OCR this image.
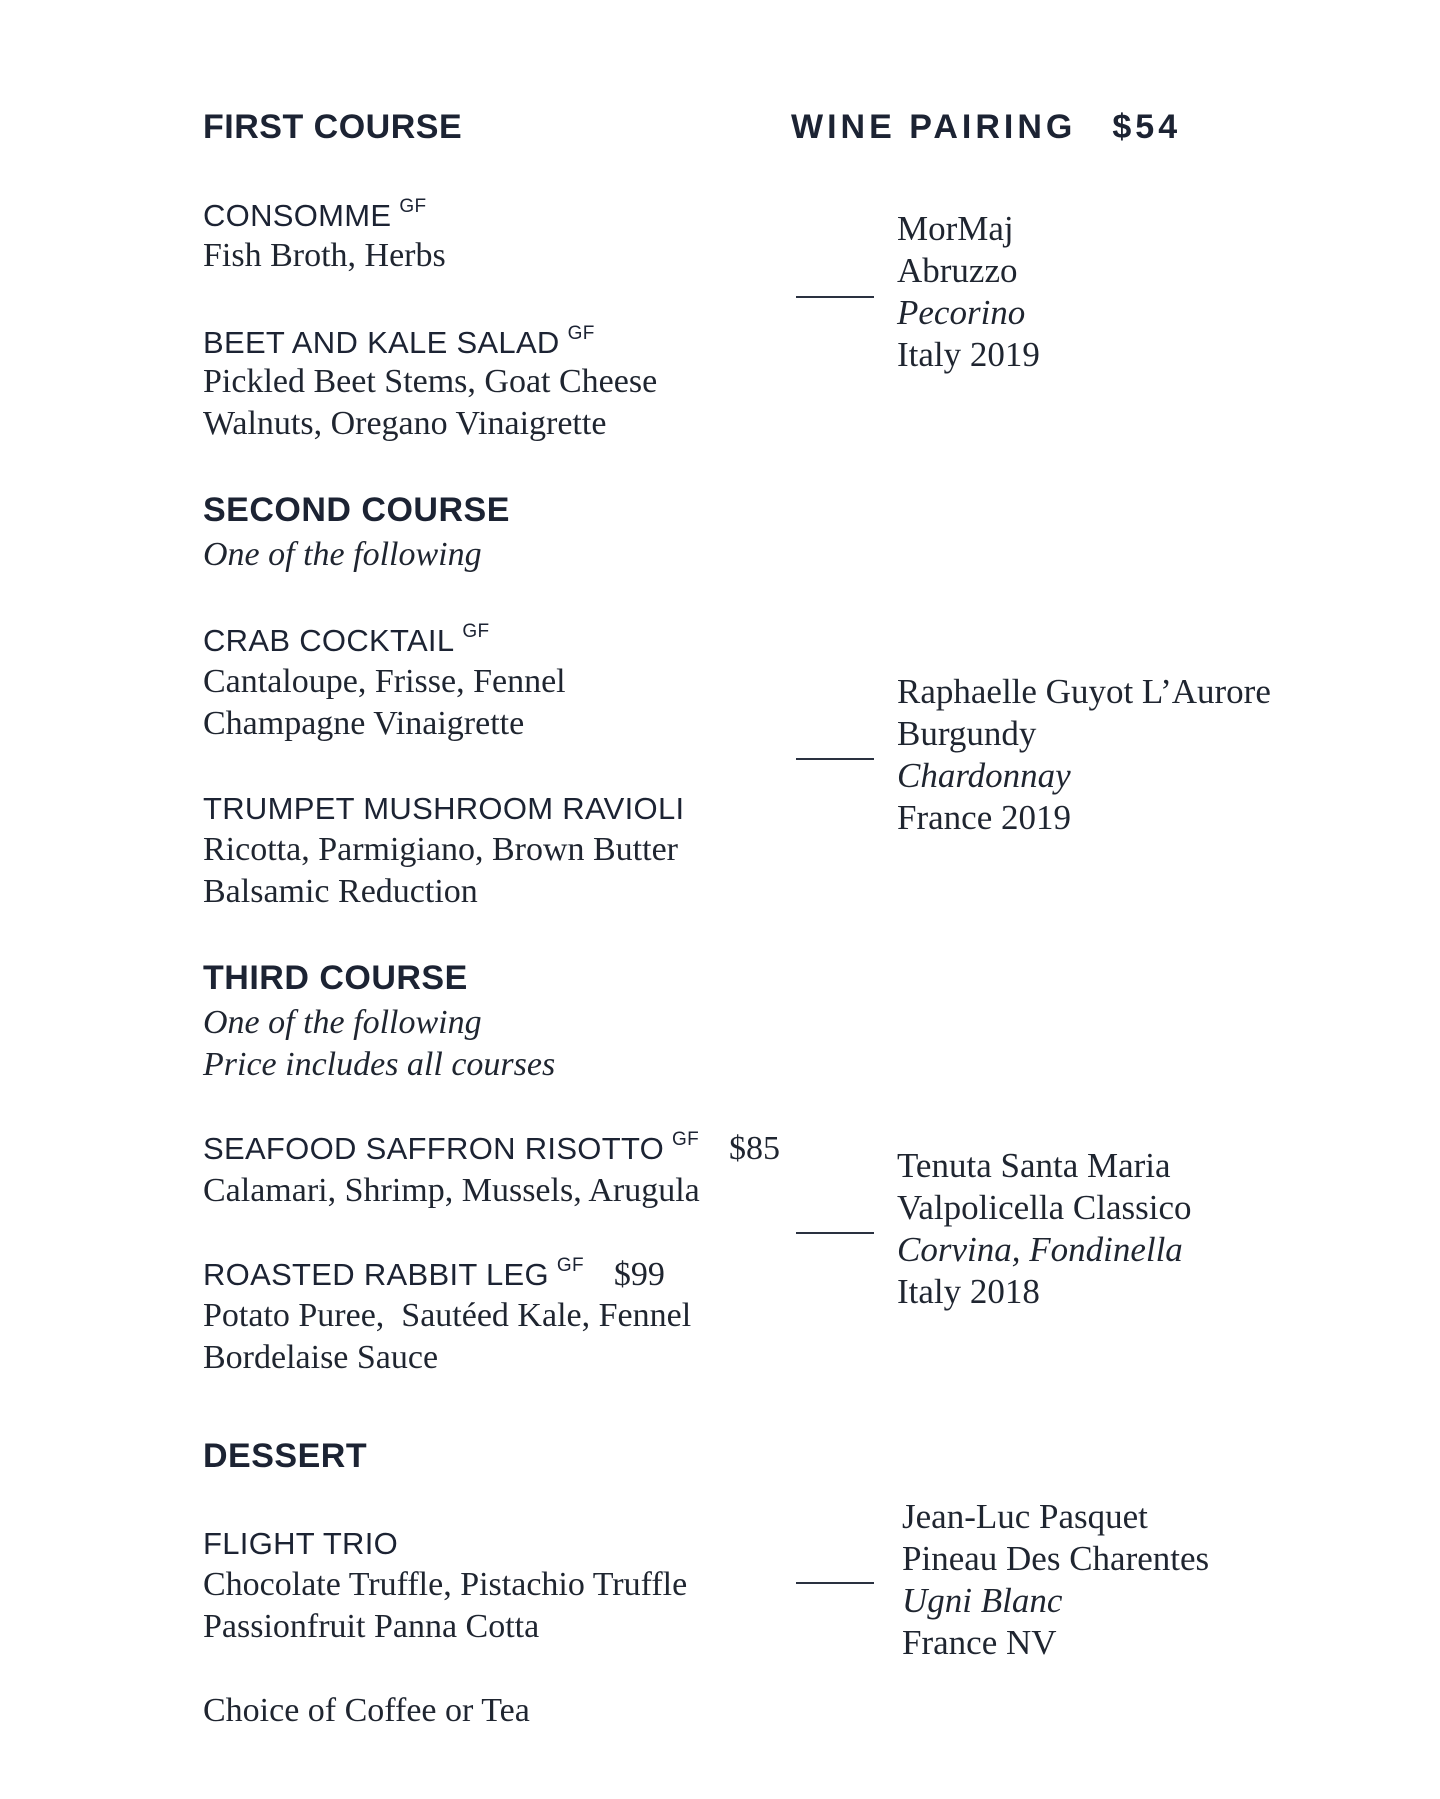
FIRST COURSE
CONSOMME $^{GF}$
Fish Broth, Herbs
BEET AND KALE SALAD $^{GF}$
Pickled Beet Stems, Goat Cheese
Walnuts, Oregano Vinaigrette
SECOND COURSE
One of the following
CRAB COCKTAIL $^{GF}$
Cantaloupe, Frisse, Fennel
Champagne Vinaigrette
TRUMPET MUSHROOM RAVIOLI
Ricotta, Parmigiano, Brown Butter
Balsamic Reduction
THIRD COURSE
One of the following
Price includes all courses
SEAFOOD SAFFRON RISOTTO $^{GF}$ $85
Calamari, Shrimp, Mussels, Arugula
ROASTED RABBIT LEG $^{GF}$ $99
Potato Puree,  Sautéed Kale, Fennel
Bordelaise Sauce
DESSERT
FLIGHT TRIO
Chocolate Truffle, Pistachio Truffle
Passionfruit Panna Cotta
Choice of Coffee or Tea
WINE PAIRING $54
MorMaj
Abruzzo
Pecorino
Italy 2019
Raphaelle Guyot L’Aurore
Burgundy
Chardonnay
France 2019
Tenuta Santa Maria
Valpolicella Classico
Corvina, Fondinella
Italy 2018
Jean-Luc Pasquet
Pineau Des Charentes
Ugni Blanc
France NV
